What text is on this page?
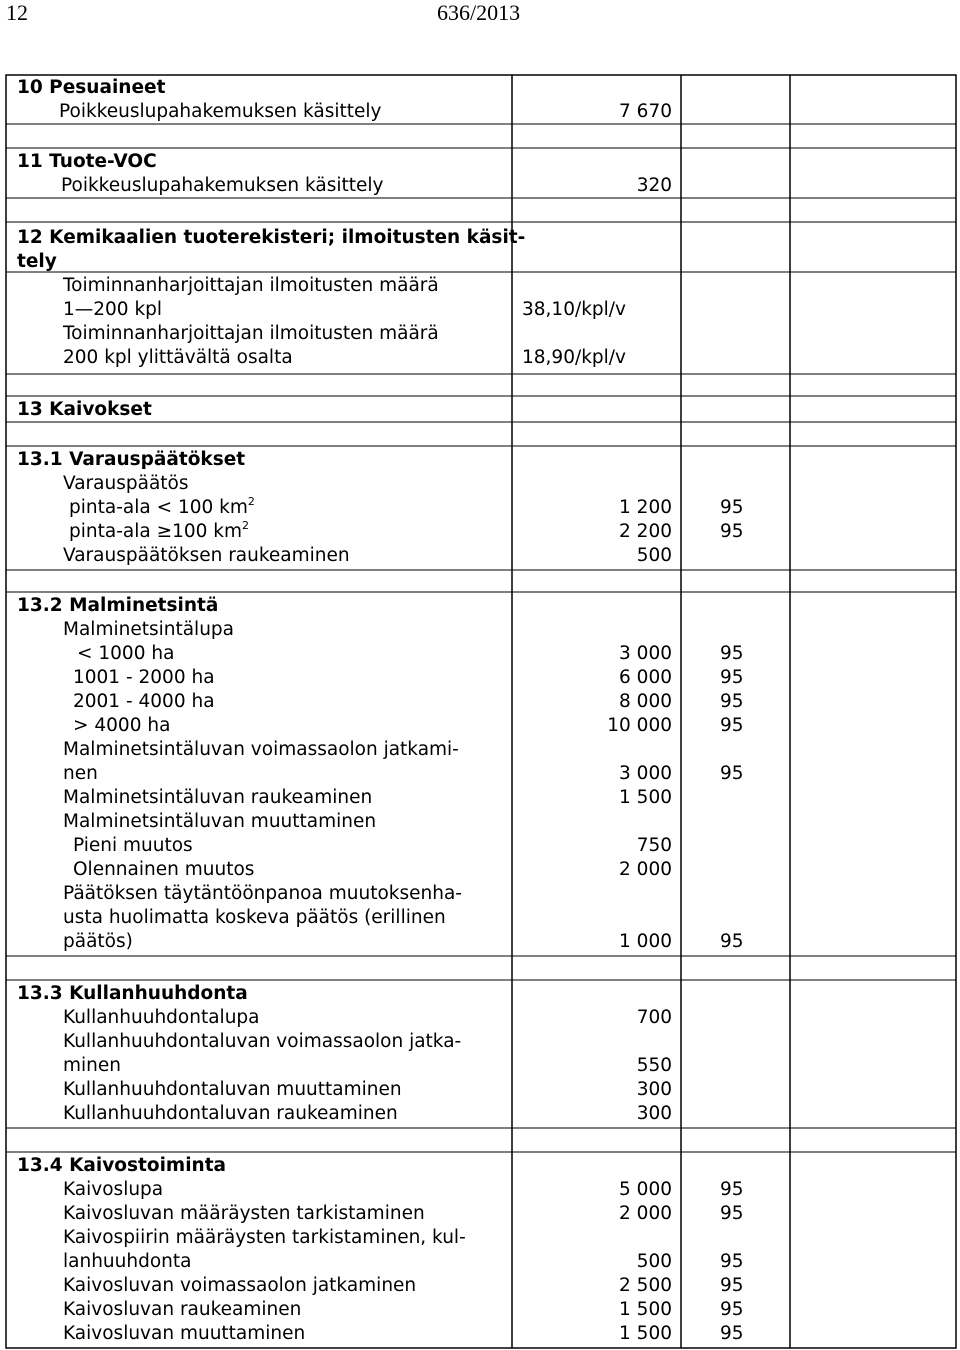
12	636/2013
10 Pesuaineet
Poikkeuslupahakemuksen käsittely	7 670
11 Tuote-VOC
Poikkeuslupahakemuksen käsittely	320
12 Kemikaalien tuoterekisteri; ilmoitusten käsit-
tely
Toiminnanharjoittajan ilmoitusten määrä
1—200 kpl	38,10/kpl/v
Toiminnanharjoittajan ilmoitusten määrä
200 kpl ylittävältä osalta	18,90/kpl/v
13 Kaivokset
13.1 Varauspäätökset
Varauspäätös
pinta-ala < 100 $km^2$	1 200	95
pinta-ala ≥100 $km^2$	2 200	95
Varauspäätöksen raukeaminen	500
13.2 Malminetsintä
Malminetsintälupa
< 1000 ha	3 000	95
1001 - 2000 ha	6 000	95
2001 - 4000 ha	8 000	95
> 4000 ha	10 000	95
Malminetsintäluvan voimassaolon jatkami-
nen	3 000	95
Malminetsintäluvan raukeaminen	1 500
Malminetsintäluvan muuttaminen
Pieni muutos	750
Olennainen muutos	2 000
Päätöksen täytäntöönpanoa muutoksenha-
usta huolimatta koskeva päätös (erillinen
päätös)	1 000	95
13.3 Kullanhuuhdonta
Kullanhuuhdontalupa	700
Kullanhuuhdontaluvan voimassaolon jatka-
minen	550
Kullanhuuhdontaluvan muuttaminen	300
Kullanhuuhdontaluvan raukeaminen	300
13.4 Kaivostoiminta
Kaivoslupa	5 000	95
Kaivosluvan määräysten tarkistaminen	2 000	95
Kaivospiirin määräysten tarkistaminen, kul-
lanhuuhdonta	500	95
Kaivosluvan voimassaolon jatkaminen	2 500	95
Kaivosluvan raukeaminen	1 500	95
Kaivosluvan muuttaminen	1 500	95
